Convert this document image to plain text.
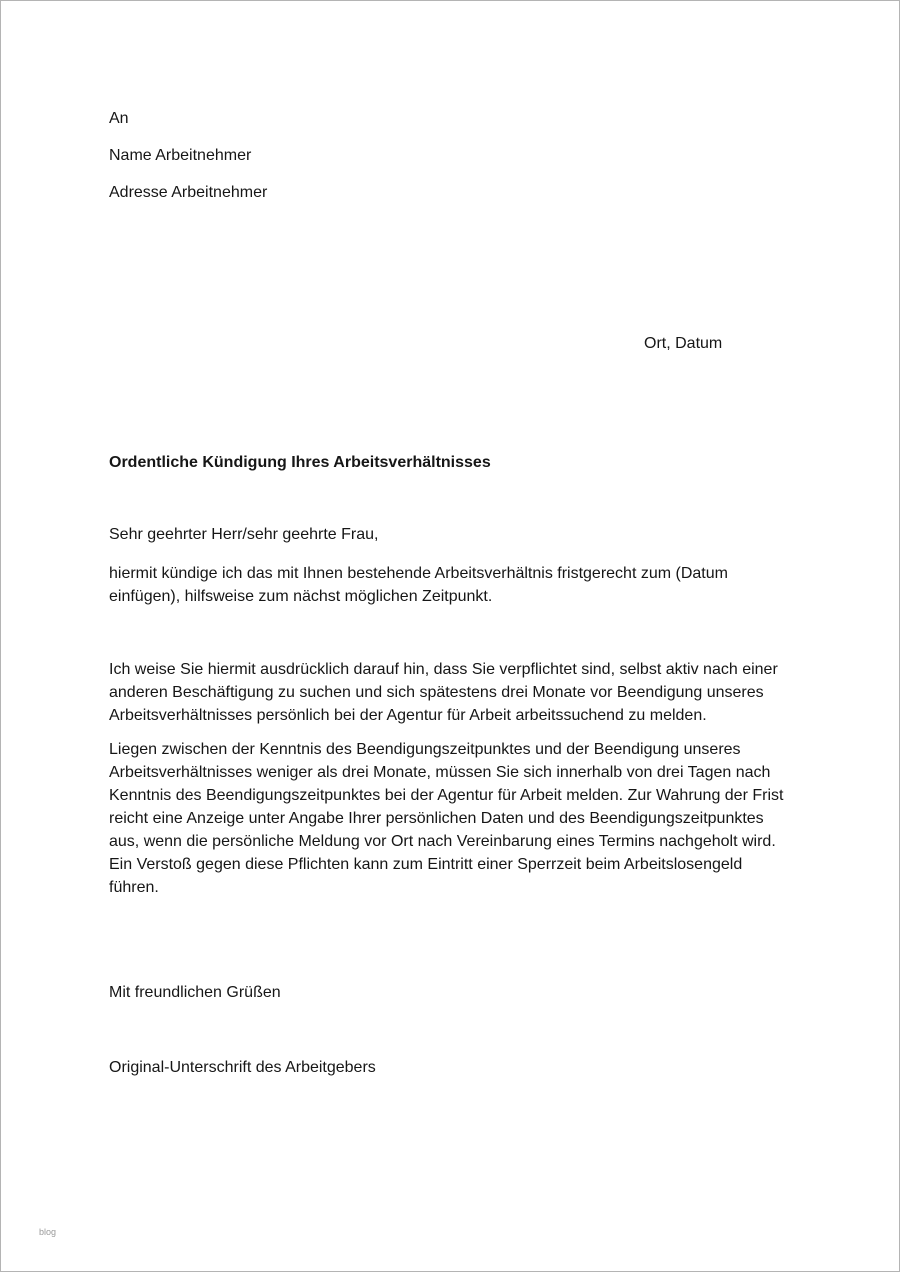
An

Name Arbeitnehmer

Adresse Arbeitnehmer

Ort, Datum

Ordentliche Kündigung Ihres Arbeitsverhältnisses

Sehr geehrter Herr/sehr geehrte Frau,

hiermit kündige ich das mit Ihnen bestehende Arbeitsverhältnis fristgerecht zum (Datum einfügen), hilfsweise zum nächst möglichen Zeitpunkt.

Ich weise Sie hiermit ausdrücklich darauf hin, dass Sie verpflichtet sind, selbst aktiv nach einer anderen Beschäftigung zu suchen und sich spätestens drei Monate vor Beendigung unseres Arbeitsverhältnisses persönlich bei der Agentur für Arbeit arbeitssuchend zu melden.

Liegen zwischen der Kenntnis des Beendigungszeitpunktes und der Beendigung unseres Arbeitsverhältnisses weniger als drei Monate, müssen Sie sich innerhalb von drei Tagen nach Kenntnis des Beendigungszeitpunktes bei der Agentur für Arbeit melden. Zur Wahrung der Frist reicht eine Anzeige unter Angabe Ihrer persönlichen Daten und des Beendigungszeitpunktes aus, wenn die persönliche Meldung vor Ort nach Vereinbarung eines Termins nachgeholt wird. Ein Verstoß gegen diese Pflichten kann zum Eintritt einer Sperrzeit beim Arbeitslosengeld führen.

Mit freundlichen Grüßen

Original-Unterschrift des Arbeitgebers

blog
